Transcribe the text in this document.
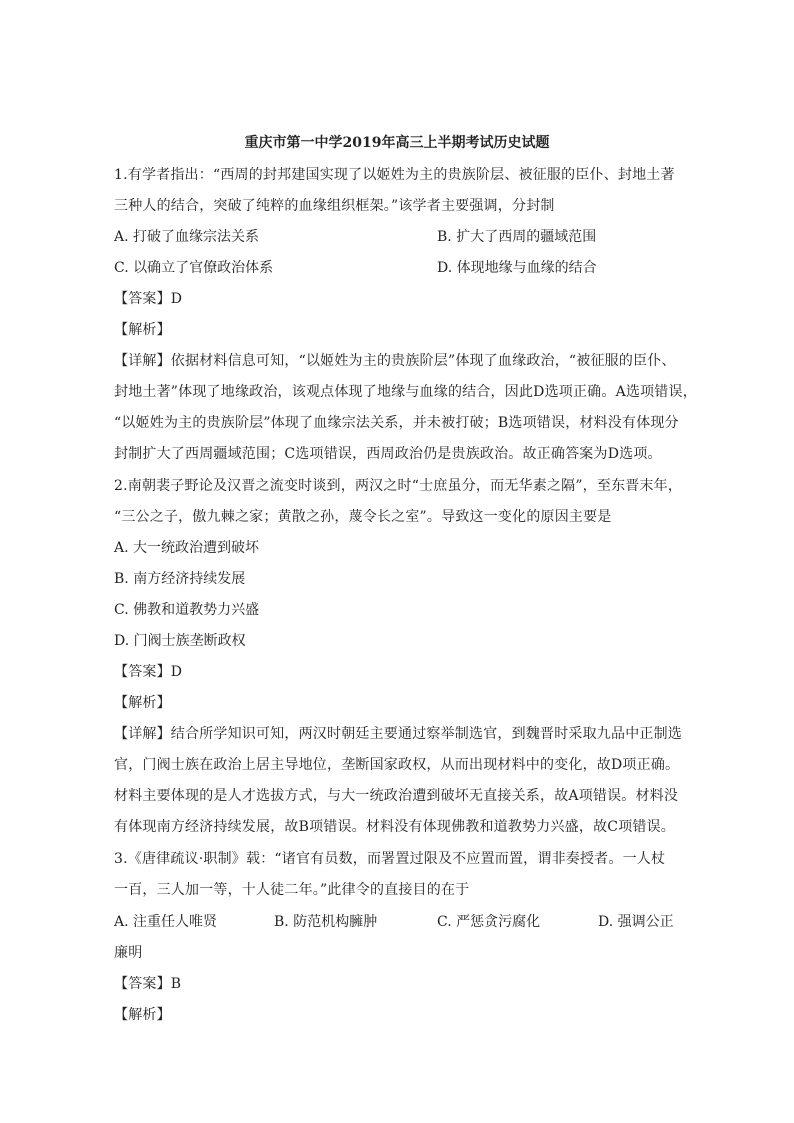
重庆市第一中学2019年高三上半期考试历史试题
1.有学者指出：“西周的封邦建国实现了以姬姓为主的贵族阶层、被征服的臣仆、封地土著
三种人的结合，突破了纯粹的血缘组织框架。”该学者主要强调，分封制
A. 打破了血缘宗法关系	B. 扩大了西周的疆域范围
C. 以确立了官僚政治体系	D. 体现地缘与血缘的结合
【答案】D
【解析】
【详解】依据材料信息可知，“以姬姓为主的贵族阶层”体现了血缘政治，“被征服的臣仆、
封地土著”体现了地缘政治，该观点体现了地缘与血缘的结合，因此D选项正确。A选项错误，
“以姬姓为主的贵族阶层”体现了血缘宗法关系，并未被打破；B选项错误，材料没有体现分
封制扩大了西周疆域范围；C选项错误，西周政治仍是贵族政治。故正确答案为D选项。
2.南朝裴子野论及汉晋之流变时谈到，两汉之时“士庶虽分，而无华素之隔”，至东晋末年，
“三公之子，傲九棘之家；黄散之孙，蔑令长之室”。导致这一变化的原因主要是
A. 大一统政治遭到破坏
B. 南方经济持续发展
C. 佛教和道教势力兴盛
D. 门阀士族垄断政权
【答案】D
【解析】
【详解】结合所学知识可知，两汉时朝廷主要通过察举制选官，到魏晋时采取九品中正制选
官，门阀士族在政治上居主导地位，垄断国家政权，从而出现材料中的变化，故D项正确。
材料主要体现的是人才选拔方式，与大一统政治遭到破坏无直接关系，故A项错误。材料没
有体现南方经济持续发展，故B项错误。材料没有体现佛教和道教势力兴盛，故C项错误。
3.《唐律疏议·职制》载：“诸官有员数，而署置过限及不应置而置，谓非奏授者。一人杖
一百，三人加一等，十人徒二年。”此律令的直接目的在于
A. 注重任人唯贤	B. 防范机构臃肿	C. 严惩贪污腐化	D. 强调公正
廉明
【答案】B
【解析】
